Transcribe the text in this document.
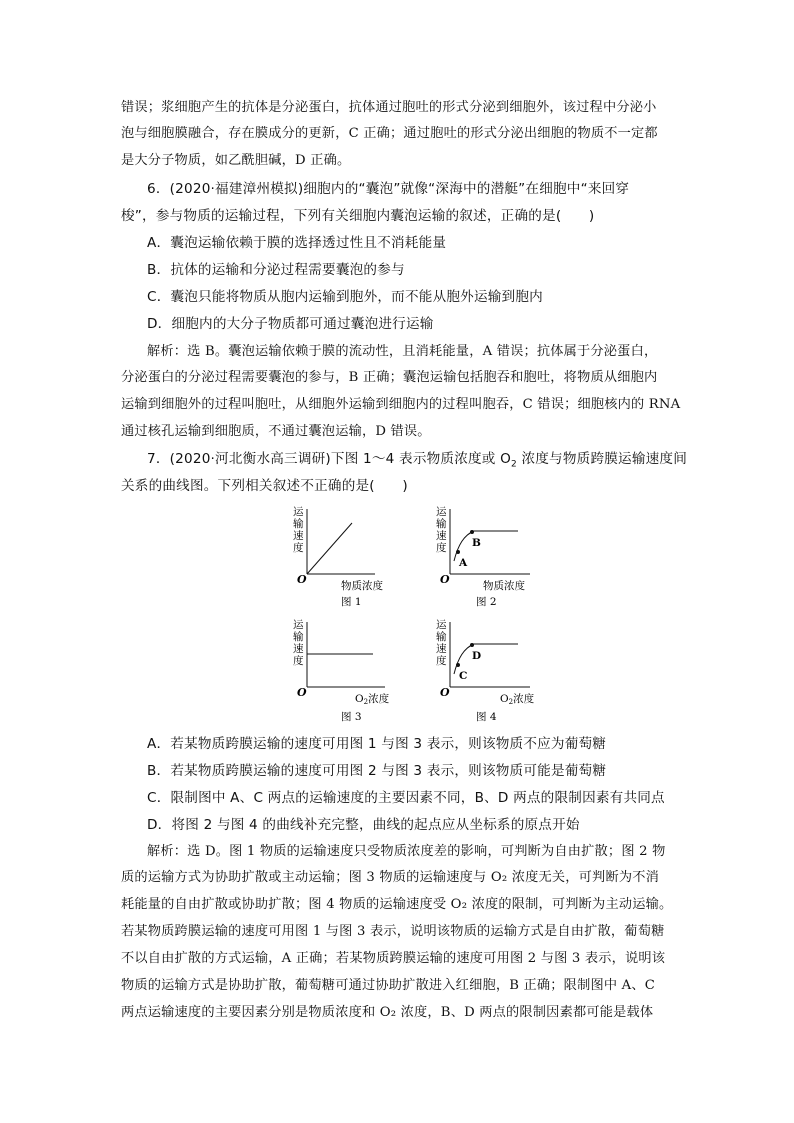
错误；浆细胞产生的抗体是分泌蛋白，抗体通过胞吐的形式分泌到细胞外，该过程中分泌小
泡与细胞膜融合，存在膜成分的更新，C 正确；通过胞吐的形式分泌出细胞的物质不一定都
是大分子物质，如乙酰胆碱，D 正确。
6．(2020·福建漳州模拟)细胞内的“囊泡”就像“深海中的潜艇”在细胞中“来回穿
梭”，参与物质的运输过程，下列有关细胞内囊泡运输的叙述，正确的是(　　)
A．囊泡运输依赖于膜的选择透过性且不消耗能量
B．抗体的运输和分泌过程需要囊泡的参与
C．囊泡只能将物质从胞内运输到胞外，而不能从胞外运输到胞内
D．细胞内的大分子物质都可通过囊泡进行运输
解析：选 B。囊泡运输依赖于膜的流动性，且消耗能量，A 错误；抗体属于分泌蛋白，
分泌蛋白的分泌过程需要囊泡的参与，B 正确；囊泡运输包括胞吞和胞吐，将物质从细胞内
运输到细胞外的过程叫胞吐，从细胞外运输到细胞内的过程叫胞吞，C 错误；细胞核内的 RNA
通过核孔运输到细胞质，不通过囊泡运输，D 错误。
7．(2020·河北衡水高三调研)下图 1～4 表示物质浓度或 $O_2$ 浓度与物质跨膜运输速度间
关系的曲线图。下列相关叙述不正确的是(　　)
运
输
速
度
O	物质浓度
图 1
运
输
速
度
A
B
O	物质浓度
图 2
运
输
速
度
O	O2浓度
图 3
运
输
速
度
C
D
O	O2浓度
图 4
A．若某物质跨膜运输的速度可用图 1 与图 3 表示，则该物质不应为葡萄糖
B．若某物质跨膜运输的速度可用图 2 与图 3 表示，则该物质可能是葡萄糖
C．限制图中 A、C 两点的运输速度的主要因素不同，B、D 两点的限制因素有共同点
D．将图 2 与图 4 的曲线补充完整，曲线的起点应从坐标系的原点开始
解析：选 D。图 1 物质的运输速度只受物质浓度差的影响，可判断为自由扩散；图 2 物
质的运输方式为协助扩散或主动运输；图 3 物质的运输速度与 O₂ 浓度无关，可判断为不消
耗能量的自由扩散或协助扩散；图 4 物质的运输速度受 O₂ 浓度的限制，可判断为主动运输。
若某物质跨膜运输的速度可用图 1 与图 3 表示，说明该物质的运输方式是自由扩散，葡萄糖
不以自由扩散的方式运输，A 正确；若某物质跨膜运输的速度可用图 2 与图 3 表示，说明该
物质的运输方式是协助扩散，葡萄糖可通过协助扩散进入红细胞，B 正确；限制图中 A、C
两点运输速度的主要因素分别是物质浓度和 O₂ 浓度，B、D 两点的限制因素都可能是载体
